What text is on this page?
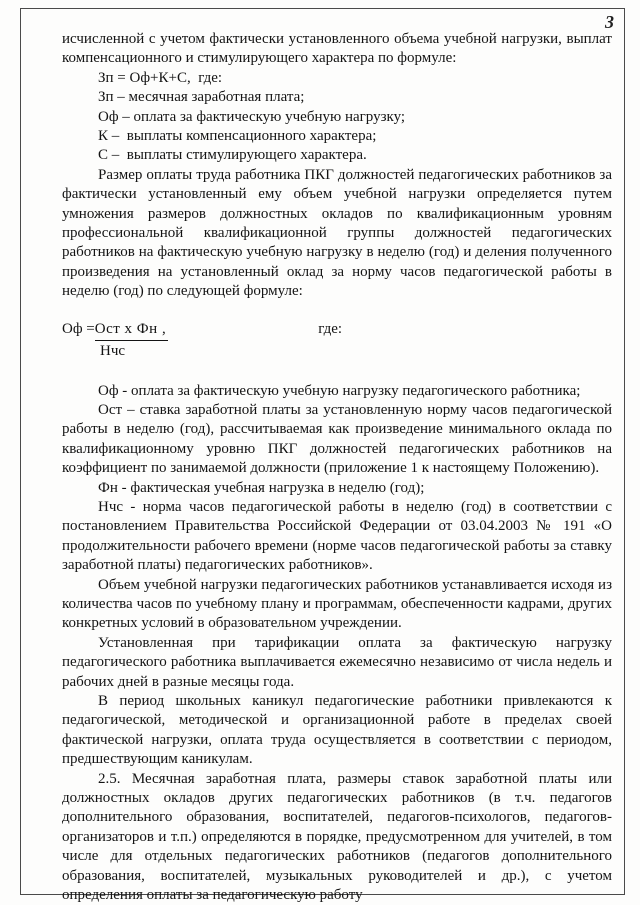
3

исчисленной с учетом фактически установленного объема учебной нагрузки, выплат компенсационного и стимулирующего характера по формуле:

Зп = Оф+К+С,  где:

Зп – месячная заработная плата;

Оф – оплата за фактическую учебную нагрузку;

К –  выплаты компенсационного характера;

С –  выплаты стимулирующего характера.

Размер оплаты труда работника ПКГ должностей педагогических работников за фактически установленный ему объем учебной нагрузки определяется путем умножения размеров должностных окладов по квалификационным уровням профессиональной квалификационной группы должностей педагогических работников на фактическую учебную нагрузку в неделю (год) и деления полученного произведения на установленный оклад за норму часов педагогической работы в неделю (год) по следующей формуле:

Оф = Ост х Фн ,	где:
Нчс

Оф - оплата за фактическую учебную нагрузку педагогического работника;

Ост – ставка заработной платы за установленную норму часов педагогической работы в неделю (год), рассчитываемая как произведение минимального оклада по квалификационному уровню ПКГ должностей педагогических работников на коэффициент по занимаемой должности (приложение 1 к настоящему Положению).

Фн - фактическая учебная нагрузка в неделю (год);

Нчс - норма часов педагогической работы в неделю (год) в соответствии с постановлением Правительства Российской Федерации от 03.04.2003 № 191 «О продолжительности рабочего времени (норме часов педагогической работы за ставку заработной платы) педагогических работников».

Объем учебной нагрузки педагогических работников устанавливается исходя из количества часов по учебному плану и программам, обеспеченности кадрами, других конкретных условий в образовательном учреждении.

Установленная при тарификации оплата за фактическую нагрузку педагогического работника выплачивается ежемесячно независимо от числа недель и рабочих дней в разные месяцы года.

В период школьных каникул педагогические работники привлекаются к педагогической, методической и организационной работе в пределах своей фактической нагрузки, оплата труда осуществляется в соответствии с периодом, предшествующим каникулам.

2.5. Месячная заработная плата, размеры ставок заработной платы или должностных окладов других педагогических работников (в т.ч. педагогов дополнительного образования, воспитателей, педагогов-психологов, педагогов-организаторов и т.п.) определяются в порядке, предусмотренном для учителей, в том числе для отдельных педагогических работников (педагогов дополнительного образования, воспитателей, музыкальных руководителей и др.), с учетом определения оплаты за педагогическую работу
